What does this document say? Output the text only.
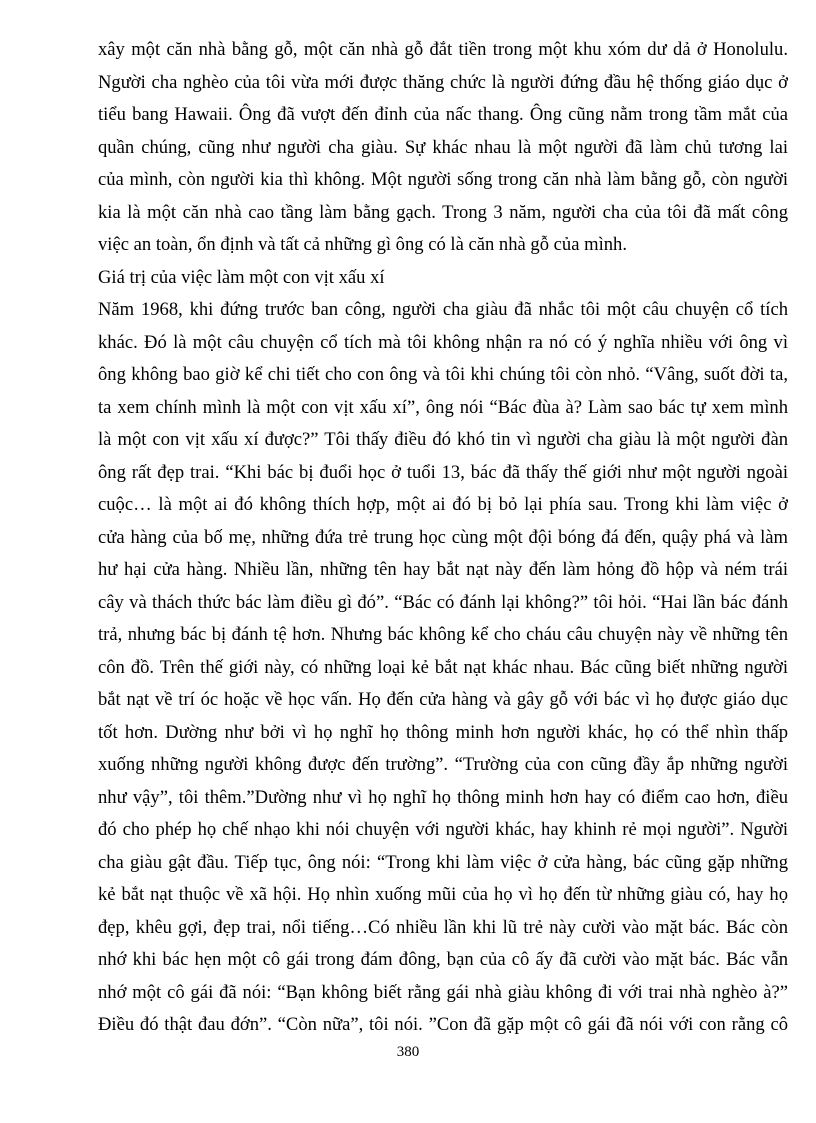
xây một căn nhà bằng gỗ, một căn nhà gỗ đắt tiền trong một khu xóm dư dả ở Honolulu.
Người cha nghèo của tôi vừa mới được thăng chức là người đứng đầu hệ thống giáo dục ở
tiểu bang Hawaii. Ông đã vượt đến đỉnh của nấc thang. Ông cũng nằm trong tầm mắt của
quần chúng, cũng như người cha giàu. Sự khác nhau là một người đã làm chủ tương lai
của mình, còn người kia thì không. Một người sống trong căn nhà làm bằng gỗ, còn người
kia là một căn nhà cao tầng làm bằng gạch. Trong 3 năm, người cha của tôi đã mất công
việc an toàn, ổn định và tất cả những gì ông có là căn nhà gỗ của mình.
Giá trị của việc làm một con vịt xấu xí
Năm 1968, khi đứng trước ban công, người cha giàu đã nhắc tôi một câu chuyện cổ tích
khác. Đó là một câu chuyện cổ tích mà tôi không nhận ra nó có ý nghĩa nhiều với ông vì
ông không bao giờ kể chi tiết cho con ông và tôi khi chúng tôi còn nhỏ. “Vâng, suốt đời ta,
ta xem chính mình là một con vịt xấu xí”, ông nói “Bác đùa à? Làm sao bác tự xem mình
là một con vịt xấu xí được?” Tôi thấy điều đó khó tin vì người cha giàu là một người đàn
ông rất đẹp trai. “Khi bác bị đuổi học ở tuổi 13, bác đã thấy thế giới như một người ngoài
cuộc… là một ai đó không thích hợp, một ai đó bị bỏ lại phía sau. Trong khi làm việc ở
cửa hàng của bố mẹ, những đứa trẻ trung học cùng một đội bóng đá đến, quậy phá và làm
hư hại cửa hàng. Nhiều lần, những tên hay bắt nạt này đến làm hỏng đồ hộp và ném trái
cây và thách thức bác làm điều gì đó”. “Bác có đánh lại không?” tôi hỏi. “Hai lần bác đánh
trả, nhưng bác bị đánh tệ hơn. Nhưng bác không kể cho cháu câu chuyện này về những tên
côn đồ. Trên thế giới này, có những loại kẻ bắt nạt khác nhau. Bác cũng biết những người
bắt nạt về trí óc hoặc về học vấn. Họ đến cửa hàng và gây gỗ với bác vì họ được giáo dục
tốt hơn. Dường như bởi vì họ nghĩ họ thông minh hơn người khác, họ có thể nhìn thấp
xuống những người không được đến trường”. “Trường của con cũng đầy ắp những người
như vậy”, tôi thêm.”Dường như vì họ nghĩ họ thông minh hơn hay có điểm cao hơn, điều
đó cho phép họ chế nhạo khi nói chuyện với người khác, hay khinh rẻ mọi người”. Người
cha giàu gật đầu. Tiếp tục, ông nói: “Trong khi làm việc ở cửa hàng, bác cũng gặp những
kẻ bắt nạt thuộc về xã hội. Họ nhìn xuống mũi của họ vì họ đến từ những giàu có, hay họ
đẹp, khêu gợi, đẹp trai, nổi tiếng…Có nhiều lần khi lũ trẻ này cười vào mặt bác. Bác còn
nhớ khi bác hẹn một cô gái trong đám đông, bạn của cô ấy đã cười vào mặt bác. Bác vẫn
nhớ một cô gái đã nói: “Bạn không biết rằng gái nhà giàu không đi với trai nhà nghèo à?”
Điều đó thật đau đớn”. “Còn nữa”, tôi nói. ”Con đã gặp một cô gái đã nói với con rằng cô
380
